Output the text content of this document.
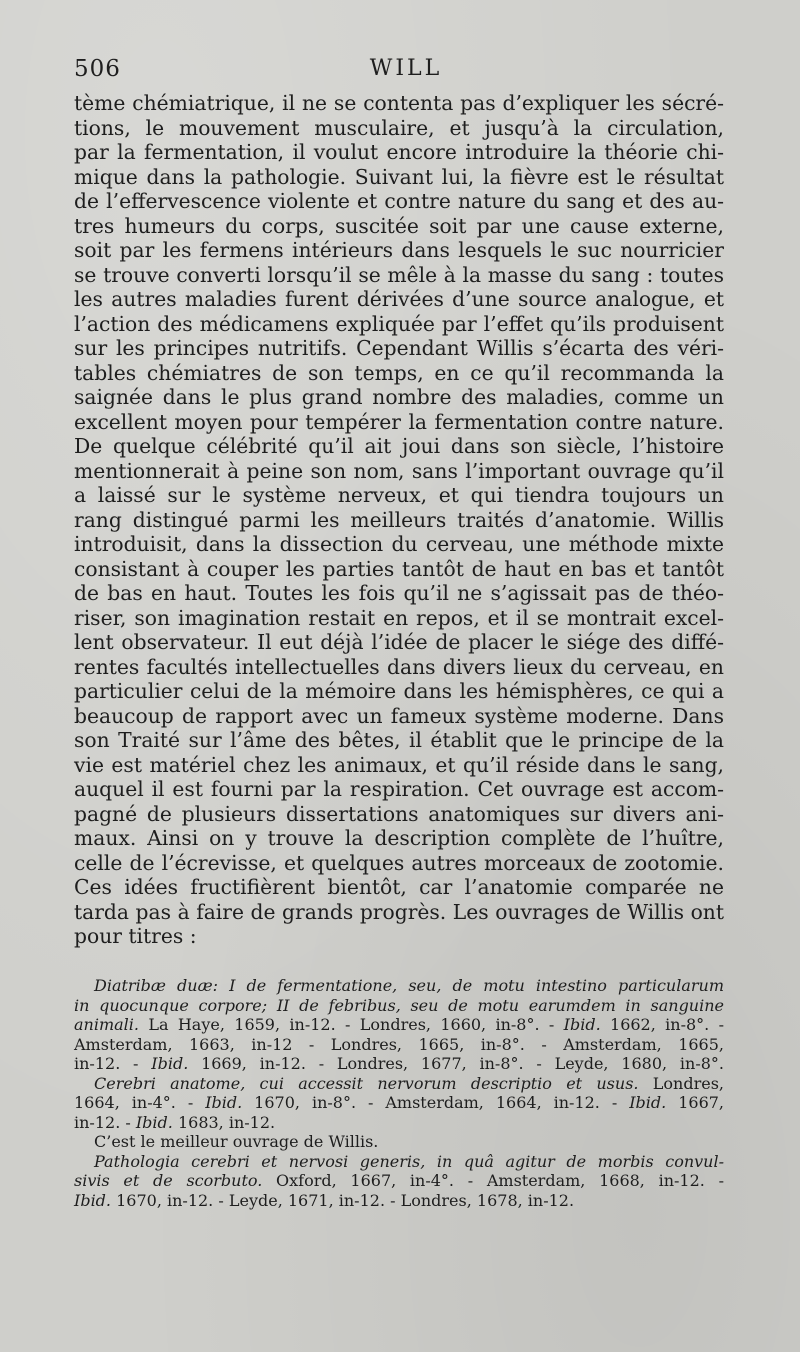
506	WILL
tème chémiatrique, il ne se contenta pas d’expliquer les sécré-
tions, le mouvement musculaire, et jusqu’à la circulation,
par la fermentation, il voulut encore introduire la théorie chi-
mique dans la pathologie. Suivant lui, la fièvre est le résultat
de l’effervescence violente et contre nature du sang et des au-
tres humeurs du corps, suscitée soit par une cause externe,
soit par les fermens intérieurs dans lesquels le suc nourricier
se trouve converti lorsqu’il se mêle à la masse du sang : toutes
les autres maladies furent dérivées d’une source analogue, et
l’action des médicamens expliquée par l’effet qu’ils produisent
sur les principes nutritifs. Cependant Willis s’écarta des véri-
tables chémiatres de son temps, en ce qu’il recommanda la
saignée dans le plus grand nombre des maladies, comme un
excellent moyen pour tempérer la fermentation contre nature.
De quelque célébrité qu’il ait joui dans son siècle, l’histoire
mentionnerait à peine son nom, sans l’important ouvrage qu’il
a laissé sur le système nerveux, et qui tiendra toujours un
rang distingué parmi les meilleurs traités d’anatomie. Willis
introduisit, dans la dissection du cerveau, une méthode mixte
consistant à couper les parties tantôt de haut en bas et tantôt
de bas en haut. Toutes les fois qu’il ne s’agissait pas de théo-
riser, son imagination restait en repos, et il se montrait excel-
lent observateur. Il eut déjà l’idée de placer le siége des diffé-
rentes facultés intellectuelles dans divers lieux du cerveau, en
particulier celui de la mémoire dans les hémisphères, ce qui a
beaucoup de rapport avec un fameux système moderne. Dans
son Traité sur l’âme des bêtes, il établit que le principe de la
vie est matériel chez les animaux, et qu’il réside dans le sang,
auquel il est fourni par la respiration. Cet ouvrage est accom-
pagné de plusieurs dissertations anatomiques sur divers ani-
maux. Ainsi on y trouve la description complète de l’huître,
celle de l’écrevisse, et quelques autres morceaux de zootomie.
Ces idées fructifièrent bientôt, car l’anatomie comparée ne
tarda pas à faire de grands progrès. Les ouvrages de Willis ont
pour titres :
Diatribæ duæ: I de fermentatione, seu, de motu intestino particularum
in quocunque corpore; II de febribus, seu de motu earumdem in sanguine
animali. La Haye, 1659, in-12. - Londres, 1660, in-8°. - Ibid. 1662, in-8°. -
Amsterdam, 1663, in-12 - Londres, 1665, in-8°. - Amsterdam, 1665,
in-12. - Ibid. 1669, in-12. - Londres, 1677, in-8°. - Leyde, 1680, in-8°.
Cerebri anatome, cui accessit nervorum descriptio et usus. Londres,
1664, in-4°. - Ibid. 1670, in-8°. - Amsterdam, 1664, in-12. - Ibid. 1667,
in-12. - Ibid. 1683, in-12.
C’est le meilleur ouvrage de Willis.
Pathologia cerebri et nervosi generis, in quâ agitur de morbis convul-
sivis et de scorbuto. Oxford, 1667, in-4°. - Amsterdam, 1668, in-12. -
Ibid. 1670, in-12. - Leyde, 1671, in-12. - Londres, 1678, in-12.
